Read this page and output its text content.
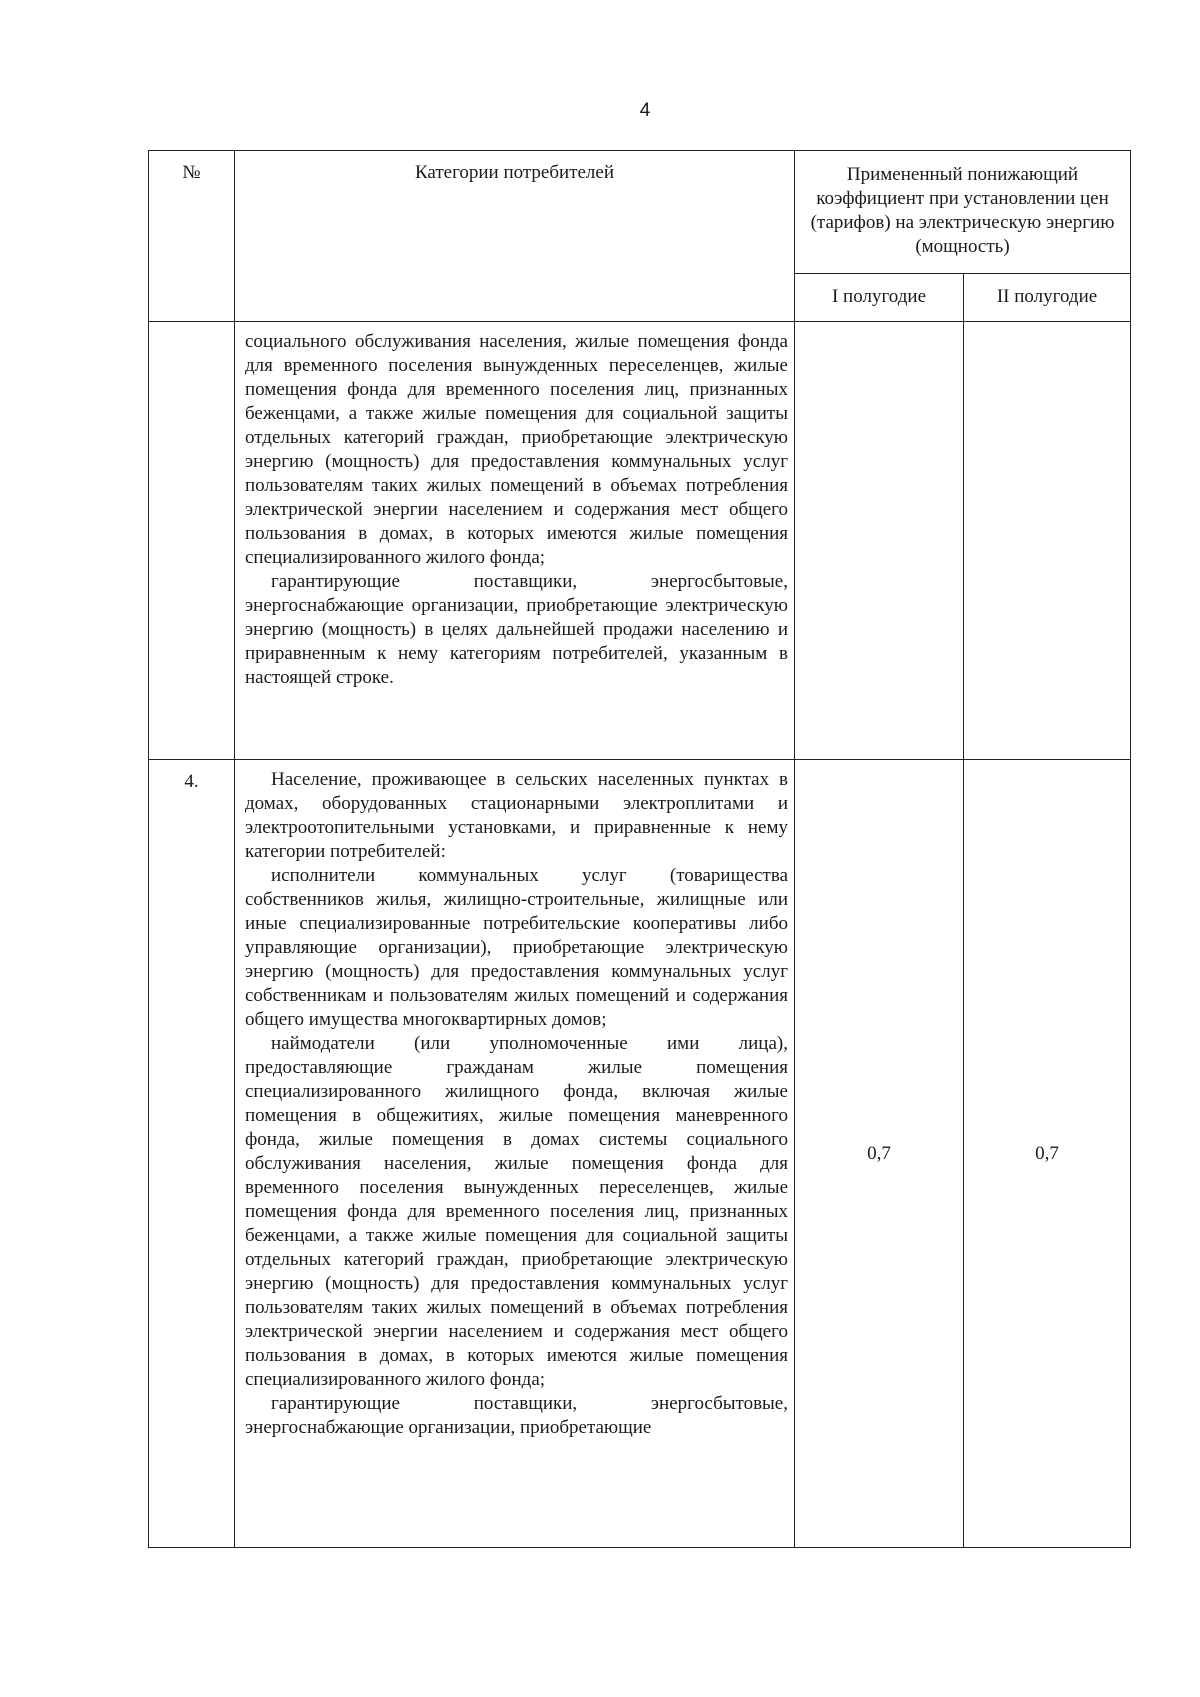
4
№	Категории потребителей	Примененный понижающий коэффициент при установлении цен (тарифов) на электрическую энергию (мощность)	
		I полугодие	II полугодие

	социального обслуживания населения, жилые помещения фонда для временного поселения вынужденных переселенцев, жилые помещения фонда для временного поселения лиц, признанных беженцами, а также жилые помещения для социальной защиты отдельных категорий граждан, приобретающие электрическую энергию (мощность) для предоставления коммунальных услуг пользователям таких жилых помещений в объемах потребления электрической энергии населением и содержания мест общего пользования в домах, в которых имеются жилые помещения специализированного жилого фонда;

гарантирующие поставщики, энергосбытовые, энергоснабжающие организации, приобретающие электрическую энергию (мощность) в целях дальнейшей продажи населению и приравненным к нему категориям потребителей, указанным в настоящей строке.		

4.	Население, проживающее в сельских населенных пунктах в домах, оборудованных стационарными электроплитами и электроотопительными установками, и приравненные к нему категории потребителей:

исполнители коммунальных услуг (товарищества собственников жилья, жилищно-строительные, жилищные или иные специализированные потребительские кооперативы либо управляющие организации), приобретающие электрическую энергию (мощность) для предоставления коммунальных услуг собственникам и пользователям жилых помещений и содержания общего имущества многоквартирных домов;

наймодатели (или уполномоченные ими лица), предоставляющие гражданам жилые помещения специализированного жилищного фонда, включая жилые помещения в общежитиях, жилые помещения маневренного фонда, жилые помещения в домах системы социального обслуживания населения, жилые помещения фонда для временного поселения вынужденных переселенцев, жилые помещения фонда для временного поселения лиц, признанных беженцами, а также жилые помещения для социальной защиты отдельных категорий граждан, приобретающие электрическую энергию (мощность) для предоставления коммунальных услуг пользователям таких жилых помещений в объемах потребления электрической энергии населением и содержания мест общего пользования в домах, в которых имеются жилые помещения специализированного жилого фонда;

гарантирующие поставщики, энергосбытовые, энергоснабжающие организации, приобретающие	0,7	0,7
